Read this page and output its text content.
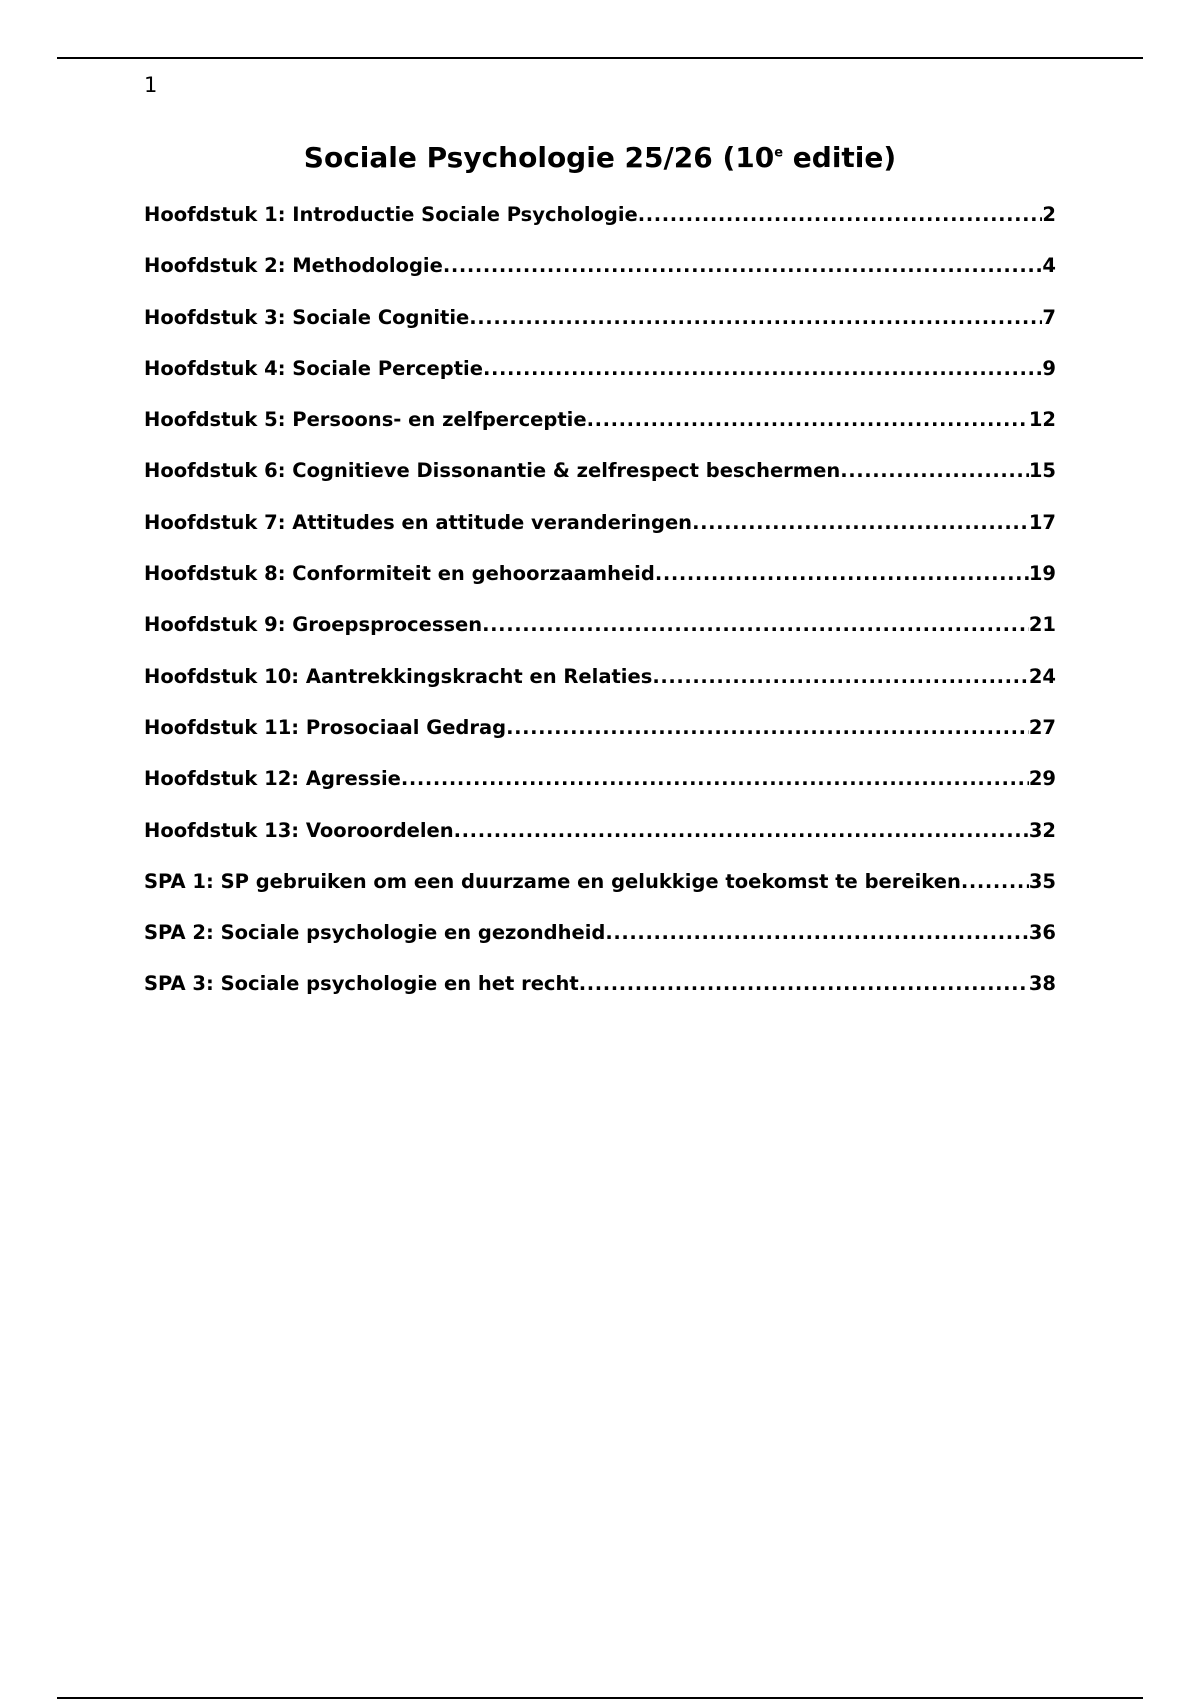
1
Sociale Psychologie 25/26 (10e editie)
Hoofdstuk 1: Introductie Sociale Psychologie .....	2
Hoofdstuk 2: Methodologie .....	4
Hoofdstuk 3: Sociale Cognitie .....	7
Hoofdstuk 4: Sociale Perceptie .....	9
Hoofdstuk 5: Persoons- en zelfperceptie .....	12
Hoofdstuk 6: Cognitieve Dissonantie & zelfrespect beschermen .....	15
Hoofdstuk 7: Attitudes en attitude veranderingen .....	17
Hoofdstuk 8: Conformiteit en gehoorzaamheid .....	19
Hoofdstuk 9: Groepsprocessen .....	21
Hoofdstuk 10: Aantrekkingskracht en Relaties .....	24
Hoofdstuk 11: Prosociaal Gedrag .....	27
Hoofdstuk 12: Agressie .....	29
Hoofdstuk 13: Vooroordelen .....	32
SPA 1: SP gebruiken om een duurzame en gelukkige toekomst te bereiken .....	35
SPA 2: Sociale psychologie en gezondheid .....	36
SPA 3: Sociale psychologie en het recht .....	38
